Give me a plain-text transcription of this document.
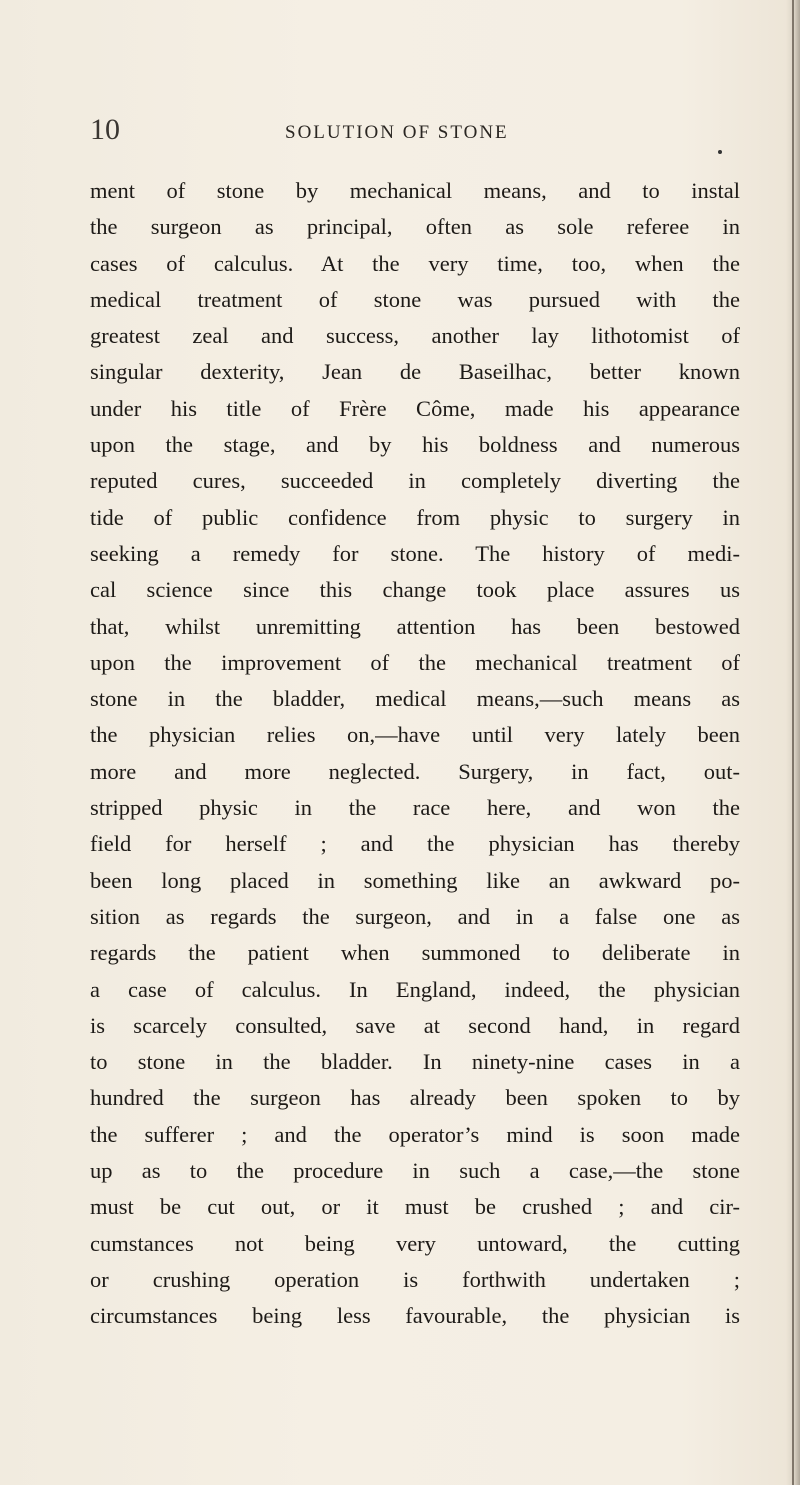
10	SOLUTION OF STONE
ment of stone by mechanical means, and to instal
the surgeon as principal, often as sole referee in
cases of calculus. At the very time, too, when the
medical treatment of stone was pursued with the
greatest zeal and success, another lay lithotomist of
singular dexterity, Jean de Baseilhac, better known
under his title of Frère Côme, made his appearance
upon the stage, and by his boldness and numerous
reputed cures, succeeded in completely diverting the
tide of public confidence from physic to surgery in
seeking a remedy for stone. The history of medi-
cal science since this change took place assures us
that, whilst unremitting attention has been bestowed
upon the improvement of the mechanical treatment of
stone in the bladder, medical means,—such means as
the physician relies on,—have until very lately been
more and more neglected. Surgery, in fact, out-
stripped physic in the race here, and won the
field for herself ; and the physician has thereby
been long placed in something like an awkward po-
sition as regards the surgeon, and in a false one as
regards the patient when summoned to deliberate in
a case of calculus. In England, indeed, the physician
is scarcely consulted, save at second hand, in regard
to stone in the bladder. In ninety-nine cases in a
hundred the surgeon has already been spoken to by
the sufferer ; and the operator’s mind is soon made
up as to the procedure in such a case,—the stone
must be cut out, or it must be crushed ; and cir-
cumstances not being very untoward, the cutting
or crushing operation is forthwith undertaken ;
circumstances being less favourable, the physician is
